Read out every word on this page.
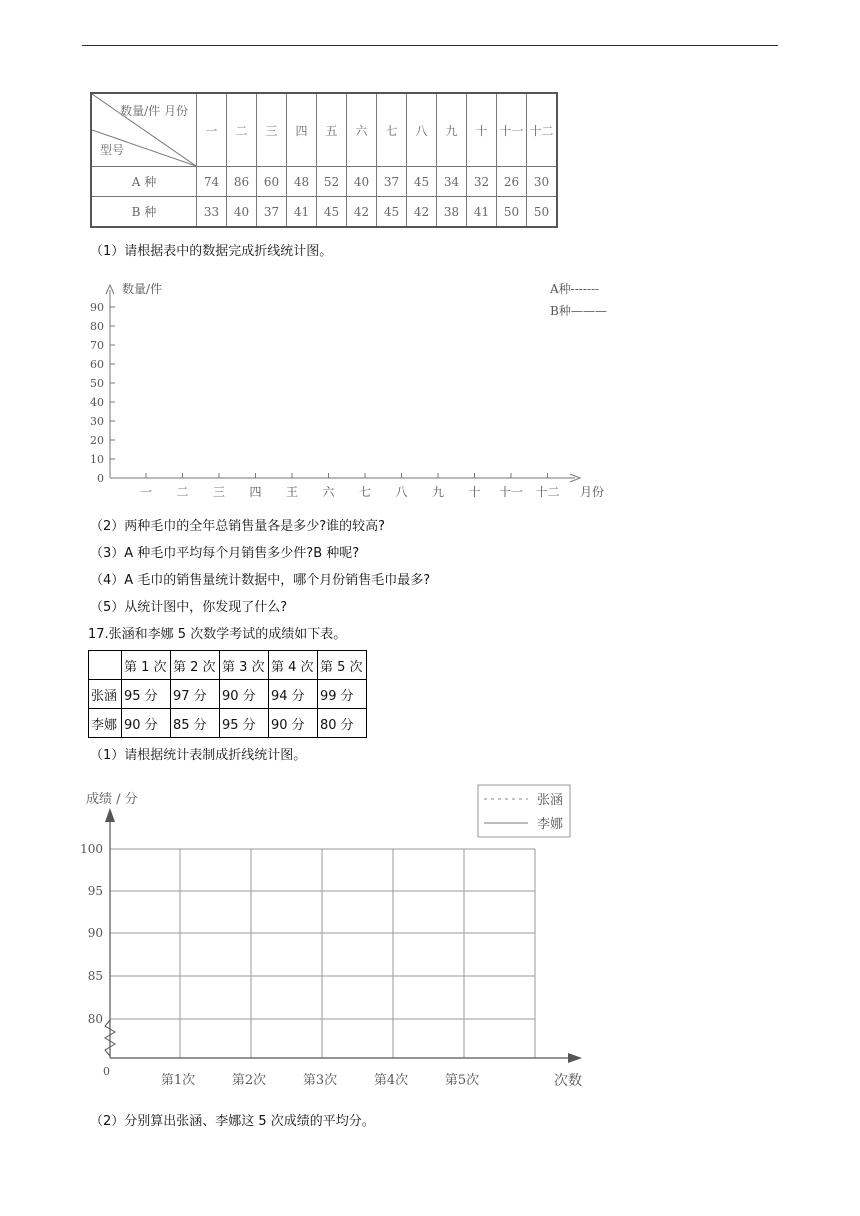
数量/件 月份
型号	一	二	三	四	五	六	七	八	九	十	十一	十二
A 种	74	86	60	48	52	40	37	45	34	32	26	30
B 种	33	40	37	41	45	42	45	42	38	41	50	50
（1）请根据表中的数据完成折线统计图。
数量/件	A种-------
B种———
月份
0
10
20
30
40
50
60
70
80
90
一 二 三 四 王 六 七 八 九 十 十一 十二
（2）两种毛巾的全年总销售量各是多少?谁的较高?
（3）A 种毛巾平均每个月销售多少件?B 种呢?
（4）A 毛巾的销售量统计数据中，哪个月份销售毛巾最多?
（5）从统计图中，你发现了什么?
17.张涵和李娜 5 次数学考试的成绩如下表。
	第 1 次	第 2 次	第 3 次	第 4 次	第 5 次
张涵	95 分	97 分	90 分	94 分	99 分
李娜	90 分	85 分	95 分	90 分	80 分
（1）请根据统计表制成折线统计图。
成绩 / 分	张涵
李娜
0
次数
100
95
90
85
80
第1次	第2次	第3次	第4次	第5次
（2）分别算出张涵、李娜这 5 次成绩的平均分。
